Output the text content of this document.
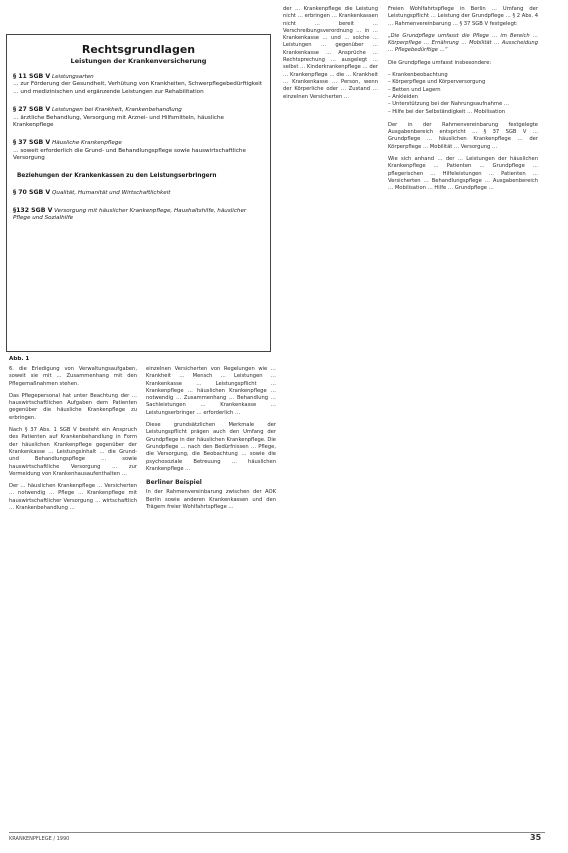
Rechtsgrundlagen
Leistungen der Krankenversicherung
§ 11 SGB V Leistungsarten
… zur Förderung der Gesundheit, Verhütung von Krankheiten, Schwerpflegebedürftigkeit … und medizinischen und ergänzende Leistungen zur Rehabilitation
§ 27 SGB V Leistungen bei Krankheit, Krankenbehandlung
… ärztliche Behandlung, Versorgung mit Arznei- und Hilfsmitteln, häusliche Krankenpflege
§ 37 SGB V Häusliche Krankenpflege
… soweit erforderlich die Grund- und Behandlungspflege sowie hauswirtschaftliche Versorgung
Beziehungen der Krankenkassen zu den Leistungserbringern
§ 70 SGB V Qualität, Humanität und Wirtschaftlichkeit
§132 SGB V Versorgung mit häuslicher Krankenpflege, Haushaltshilfe, häuslicher Pflege und Sozialhilfe
Abb. 1

der … Krankenpflege die Leistung nicht … erbringen … Krankenkassen nicht … bereit … Verschreibungsverordnung … in … Krankenkasse … und … solche … Leistungen … gegenüber … Krankenkasse … Ansprüche … Rechtsprechung … ausgelegt … selbst … Kinderkrankenpflege … der … Krankenpflege … die … Krankheit … Krankenkasse … Person, wenn der Körperliche oder … Zustand … einzelnen Versicherten …

6. die Erledigung von Verwaltungsaufgaben, soweit sie mit … Zusammenhang mit den Pflegemaßnahmen stehen.

Das Pflegepersonal hat unter Beachtung der … hauswirtschaftlichen Aufgaben dem Patienten gegenüber die häusliche Krankenpflege zu erbringen.

Nach § 37 Abs. 1 SGB V besteht ein Anspruch des Patienten auf Krankenbehandlung in Form der häuslichen Krankenpflege gegenüber der Krankenkasse … Leistungsinhalt … die Grund- und Behandlungspflege … sowie hauswirtschaftliche Versorgung … zur Vermeidung von Krankenhausaufenthalten …

Der … häuslichen Krankenpflege … Versicherten … notwendig … Pflege … Krankenpflege mit hauswirtschaftlicher Versorgung … wirtschaftlich … Krankenbehandlung …

einzelnen Versicherten von Regelungen wie … Krankheit … Mensch … Leistungen … Krankenkasse … Leistungspflicht … Krankenpflege … häuslichen Krankenpflege … notwendig … Zusammenhang … Behandlung … Sachleistungen … Krankenkasse … Leistungserbringer … erforderlich …

Diese grundsätzlichen Merkmale der Leistungspflicht prägen auch den Umfang der Grundpflege in der häuslichen Krankenpflege. Die Grundpflege … nach den Bedürfnissen … Pflege, die Versorgung, die Beobachtung … sowie die psychosoziale Betreuung … häuslichen Krankenpflege …

Berliner Beispiel

In der Rahmenvereinbarung zwischen der AOK Berlin sowie anderen Krankenkassen und den Trägern freier Wohlfahrtspflege …

Freien Wohlfahrtspflege in Berlin … Umfang der Leistungspflicht … Leistung der Grundpflege … § 2 Abs. 4 … Rahmenvereinbarung … § 37 SGB V festgelegt:

„Die Grundpflege umfasst die Pflege … im Bereich … Körperpflege … Ernährung … Mobilität … Ausscheidung … Pflegebedürftige …“

Die Grundpflege umfasst insbesondere:

– Krankenbeobachtung
– Körperpflege und Körperversorgung
– Betten und Lagern
– Ankleiden
– Unterstützung bei der Nahrungsaufnahme …
– Hilfe bei der Selbständigkeit … Mobilisation

Der in der Rahmenvereinbarung festgelegte Ausgabenbereich entspricht … § 37 SGB V … Grundpflege … häuslichen Krankenpflege … der Körperpflege … Mobilität … Versorgung …

Wie sich anhand … der … Leistungen der häuslichen Krankenpflege … Patienten … Grundpflege … pflegerischen … Hilfeleistungen … Patienten … Versicherten … Behandlungspflege … Ausgabenbereich … Mobilisation … Hilfe … Grundpflege …

KRANKENPFLEGE / 1990	35
